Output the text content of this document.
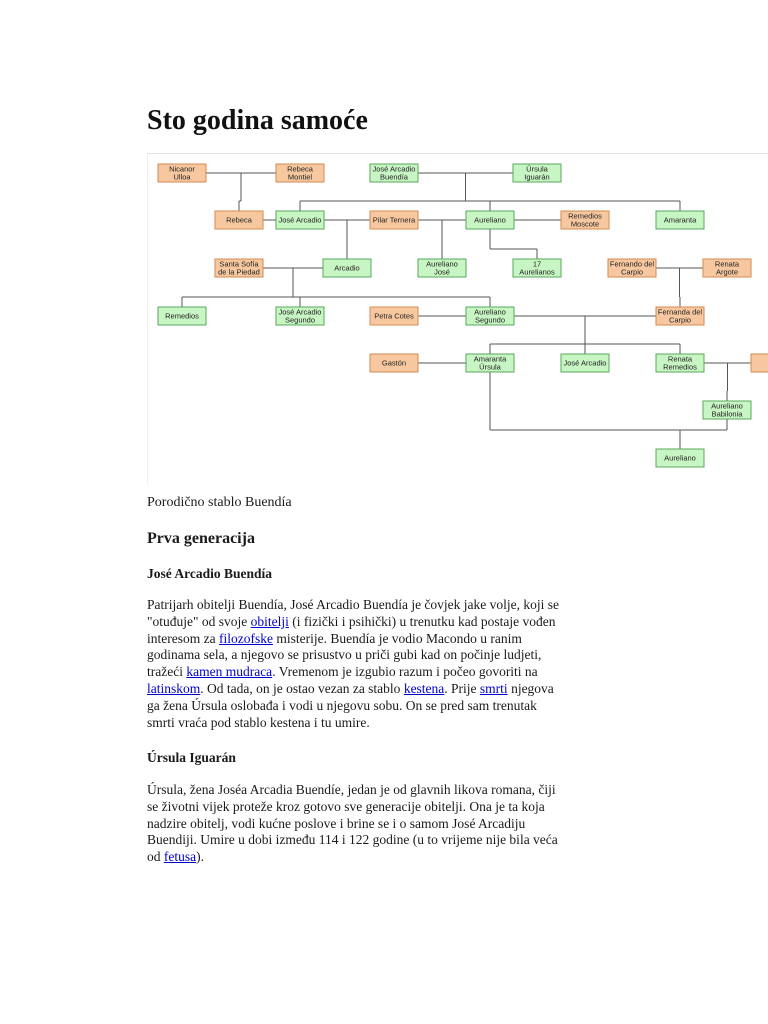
Sto godina samoće
Nicanor
Ulloa
Rebeca
Montiel
José Arcadio
Buendía
Úrsula
Iguarán
Rebeca	José Arcadio	Pilar Ternera	Aureliano	Remedios
Moscote	Amaranta
Santa Sofía
de la Piedad	Arcadio	Aureliano
José
17
Aurelianos
Fernando del
Carpio
Renata
Argote
Remedios	José Arcadio
Segundo	Petra Cotes	Aureliano
Segundo
Fernanda del
Carpio
Gastón	Amaranta
Úrsula	José Arcadio	Renata
Remedios
Aureliano
Babilonia
Aureliano
Porodično stablo Buendía
Prva generacija
José Arcadio Buendía

Patrijarh obitelji Buendía, José Arcadio Buendía je čovjek jake volje, koji se
"otuđuje" od svoje obitelji (i fizički i psihički) u trenutku kad postaje vođen
interesom za filozofske misterije. Buendía je vodio Macondo u ranim
godinama sela, a njegovo se prisustvo u priči gubi kad on počinje ludjeti,
tražeći kamen mudraca. Vremenom je izgubio razum i počeo govoriti na
latinskom. Od tada, on je ostao vezan za stablo kestena. Prije smrti njegova
ga žena Úrsula oslobađa i vodi u njegovu sobu. On se pred sam trenutak
smrti vraća pod stablo kestena i tu umire.

Úrsula Iguarán

Úrsula, žena Joséa Arcadia Buendíe, jedan je od glavnih likova romana, čiji
se životni vijek proteže kroz gotovo sve generacije obitelji. Ona je ta koja
nadzire obitelj, vodi kućne poslove i brine se i o samom José Arcadiju
Buendiji. Umire u dobi između 114 i 122 godine (u to vrijeme nije bila veća
od fetusa).
